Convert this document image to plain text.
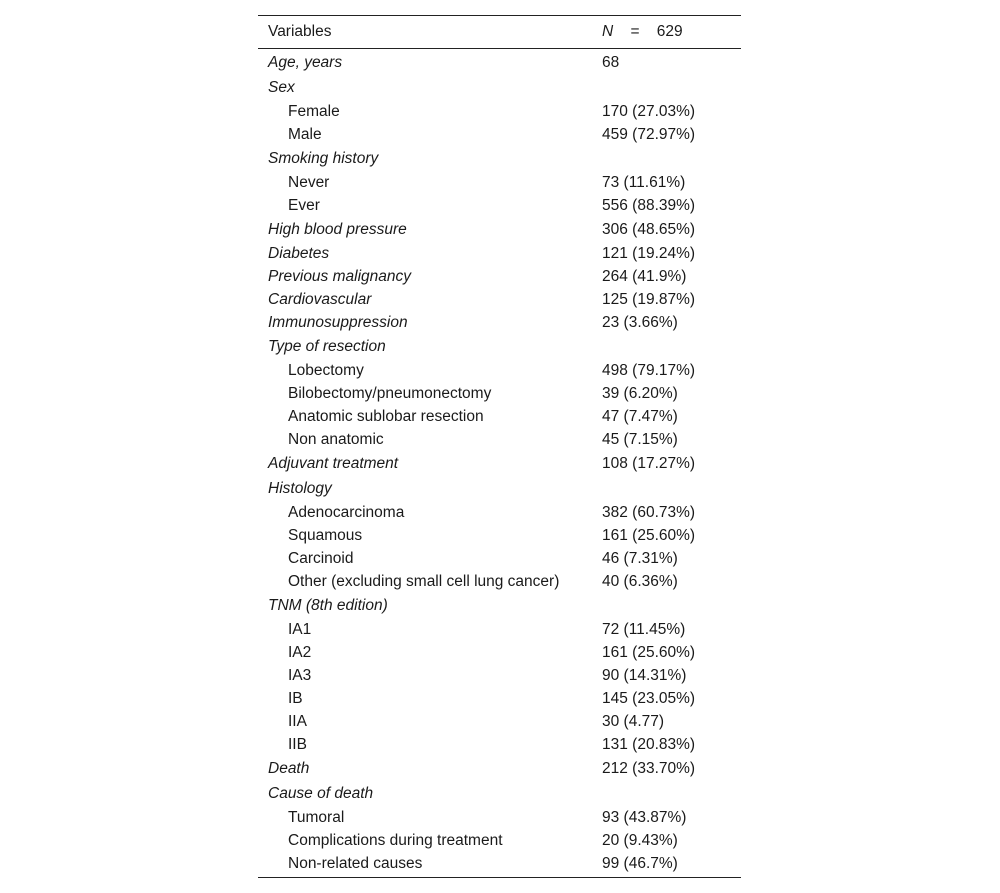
Variables	N = 629
Age, years	68
Sex
Female	170 (27.03%)
Male	459 (72.97%)
Smoking history
Never	73 (11.61%)
Ever	556 (88.39%)
High blood pressure	306 (48.65%)
Diabetes	121 (19.24%)
Previous malignancy	264 (41.9%)
Cardiovascular	125 (19.87%)
Immunosuppression	23 (3.66%)
Type of resection
Lobectomy	498 (79.17%)
Bilobectomy/pneumonectomy	39 (6.20%)
Anatomic sublobar resection	47 (7.47%)
Non anatomic	45 (7.15%)
Adjuvant treatment	108 (17.27%)
Histology
Adenocarcinoma	382 (60.73%)
Squamous	161 (25.60%)
Carcinoid	46 (7.31%)
Other (excluding small cell lung cancer)	40 (6.36%)
TNM (8th edition)
IA1	72 (11.45%)
IA2	161 (25.60%)
IA3	90 (14.31%)
IB	145 (23.05%)
IIA	30 (4.77)
IIB	131 (20.83%)
Death	212 (33.70%)
Cause of death
Tumoral	93 (43.87%)
Complications during treatment	20 (9.43%)
Non-related causes	99 (46.7%)
